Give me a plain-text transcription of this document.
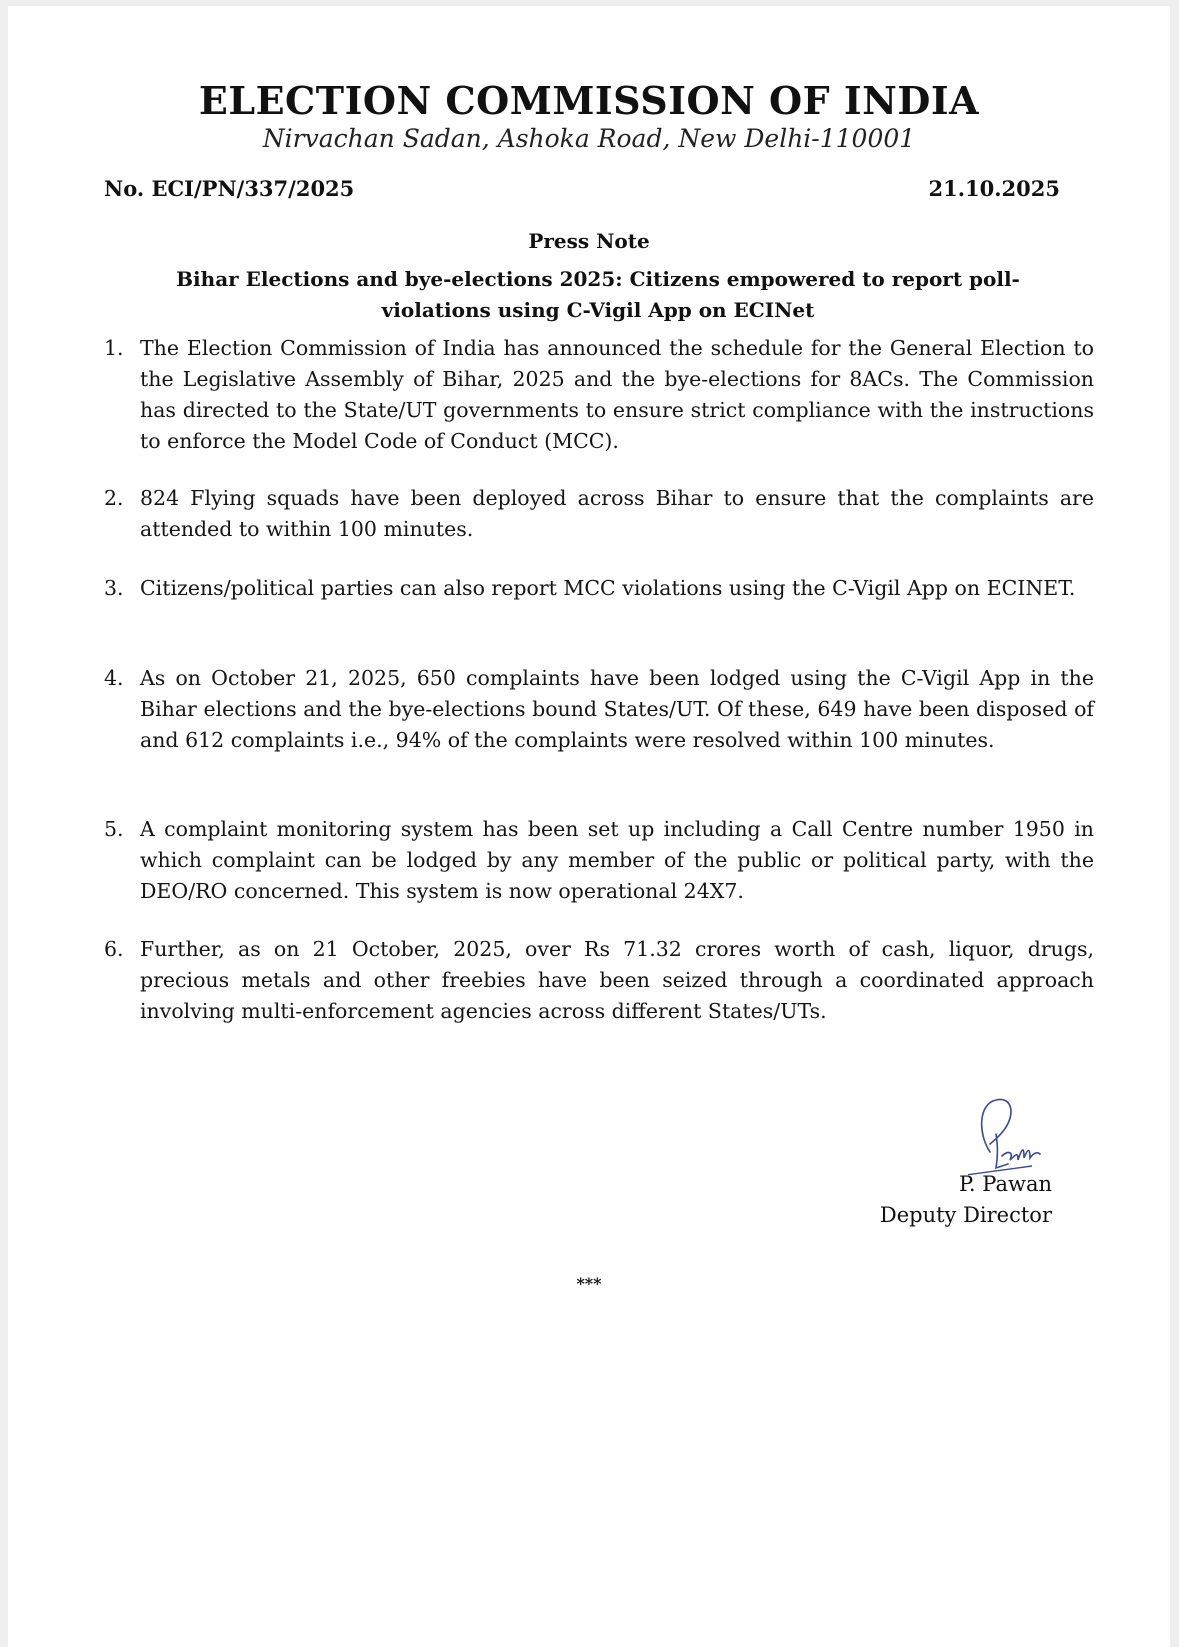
ELECTION COMMISSION OF INDIA
Nirvachan Sadan, Ashoka Road, New Delhi-110001
No. ECI/PN/337/2025	21.10.2025
Press Note
Bihar Elections and bye-elections 2025: Citizens empowered to report poll-violations using C-Vigil App on ECINet
1. The Election Commission of India has announced the schedule for the General Election to the Legislative Assembly of Bihar, 2025 and the bye-elections for 8ACs. The Commission has directed to the State/UT governments to ensure strict compliance with the instructions to enforce the Model Code of Conduct (MCC).
2. 824 Flying squads have been deployed across Bihar to ensure that the complaints are attended to within 100 minutes.
3. Citizens/political parties can also report MCC violations using the C-Vigil App on ECINET.
4. As on October 21, 2025, 650 complaints have been lodged using the C-Vigil App in the Bihar elections and the bye-elections bound States/UT. Of these, 649 have been disposed of and 612 complaints i.e., 94% of the complaints were resolved within 100 minutes.
5. A complaint monitoring system has been set up including a Call Centre number 1950 in which complaint can be lodged by any member of the public or political party, with the DEO/RO concerned. This system is now operational 24X7.
6. Further, as on 21 October, 2025, over Rs 71.32 crores worth of cash, liquor, drugs, precious metals and other freebies have been seized through a coordinated approach involving multi-enforcement agencies across different States/UTs.
P. Pawan
Deputy Director
***
